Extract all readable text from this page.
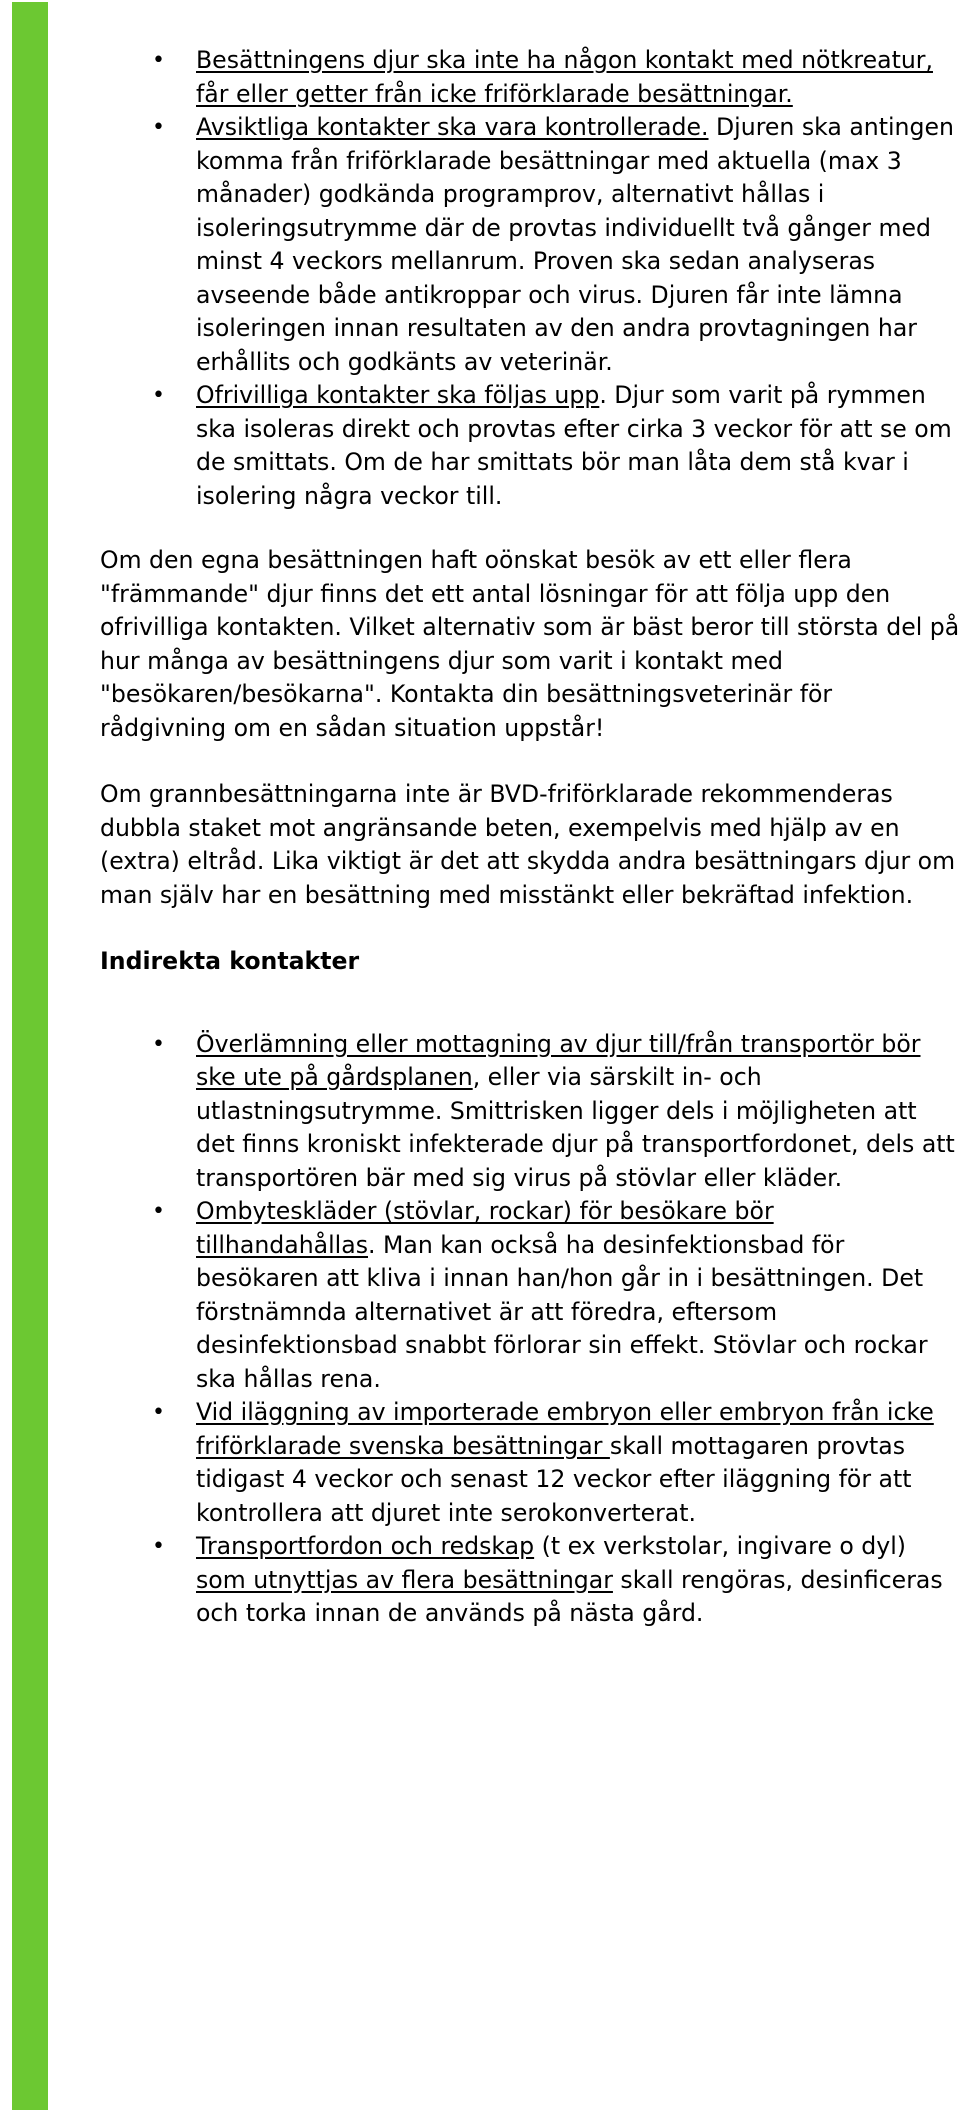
• Besättningens djur ska inte ha någon kontakt med nötkreatur, får eller getter från icke friförklarade besättningar.
• Avsiktliga kontakter ska vara kontrollerade. Djuren ska antingen komma från friförklarade besättningar med aktuella (max 3 månader) godkända programprov, alternativt hållas i isoleringsutrymme där de provtas individuellt två gånger med minst 4 veckors mellanrum. Proven ska sedan analyseras avseende både antikroppar och virus. Djuren får inte lämna isoleringen innan resultaten av den andra provtagningen har erhållits och godkänts av veterinär.
• Ofrivilliga kontakter ska följas upp. Djur som varit på rymmen ska isoleras direkt och provtas efter cirka 3 veckor för att se om de smittats. Om de har smittats bör man låta dem stå kvar i isolering några veckor till.

Om den egna besättningen haft oönskat besök av ett eller flera "främmande" djur finns det ett antal lösningar för att följa upp den ofrivilliga kontakten. Vilket alternativ som är bäst beror till största del på hur många av besättningens djur som varit i kontakt med "besökaren/besökarna". Kontakta din besättningsveterinär för rådgivning om en sådan situation uppstår!

Om grannbesättningarna inte är BVD-friförklarade rekommenderas dubbla staket mot angränsande beten, exempelvis med hjälp av en (extra) eltråd. Lika viktigt är det att skydda andra besättningars djur om man själv har en besättning med misstänkt eller bekräftad infektion.

Indirekta kontakter
• Överlämning eller mottagning av djur till/från transportör bör ske ute på gårdsplanen, eller via särskilt in- och utlastningsutrymme. Smittrisken ligger dels i möjligheten att det finns kroniskt infekterade djur på transportfordonet, dels att transportören bär med sig virus på stövlar eller kläder.
• Ombyteskläder (stövlar, rockar) för besökare bör tillhandahållas. Man kan också ha desinfektionsbad för besökaren att kliva i innan han/hon går in i besättningen. Det förstnämnda alternativet är att föredra, eftersom desinfektionsbad snabbt förlorar sin effekt. Stövlar och rockar ska hållas rena.
• Vid iläggning av importerade embryon eller embryon från icke friförklarade svenska besättningar skall mottagaren provtas tidigast 4 veckor och senast 12 veckor efter iläggning för att kontrollera att djuret inte serokonverterat.
• Transportfordon och redskap (t ex verkstolar, ingivare o dyl) som utnyttjas av flera besättningar skall rengöras, desinficeras och torka innan de används på nästa gård.
